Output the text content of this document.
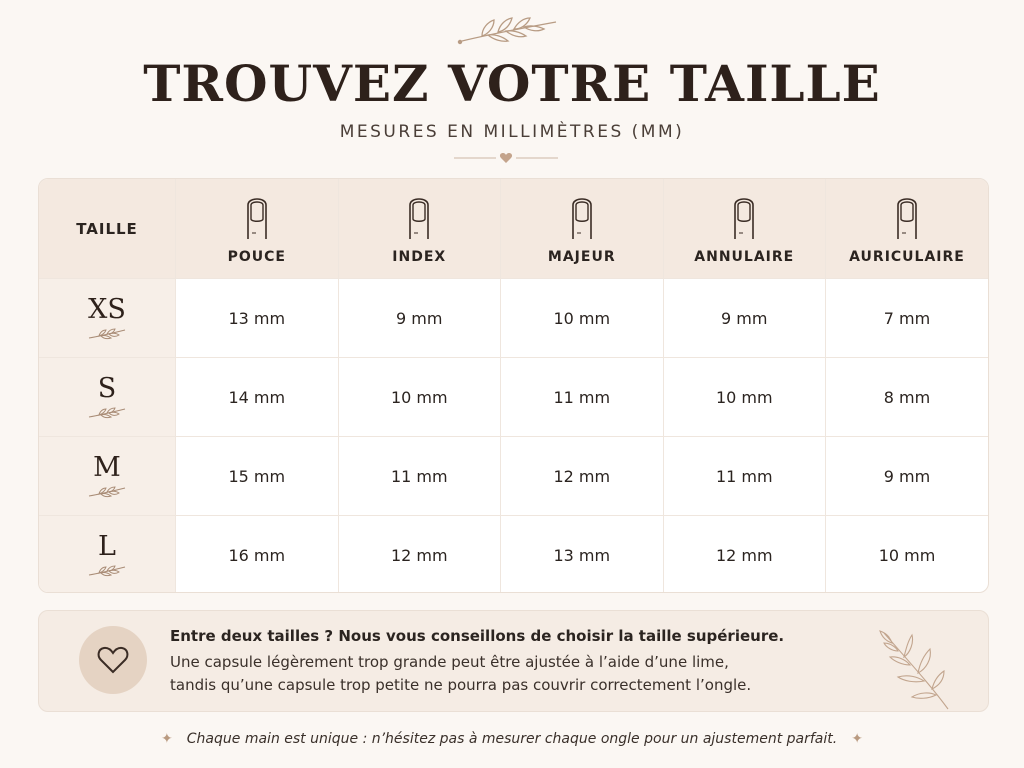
TROUVEZ VOTRE TAILLE
MESURES EN MILLIMÈTRES (MM)
TAILLE	POUCE	INDEX	MAJEUR	ANNULAIRE	AURICULAIRE

XS	13 mm	9 mm	10 mm	9 mm	7 mm

S	14 mm	10 mm	11 mm	10 mm	8 mm

M	15 mm	11 mm	12 mm	11 mm	9 mm

L	16 mm	12 mm	13 mm	12 mm	10 mm
Entre deux tailles ? Nous vous conseillons de choisir la taille supérieure.
Une capsule légèrement trop grande peut être ajustée à l’aide d’une lime,
tandis qu’une capsule trop petite ne pourra pas couvrir correctement l’ongle.
✦ Chaque main est unique : n’hésitez pas à mesurer chaque ongle pour un ajustement parfait. ✦
